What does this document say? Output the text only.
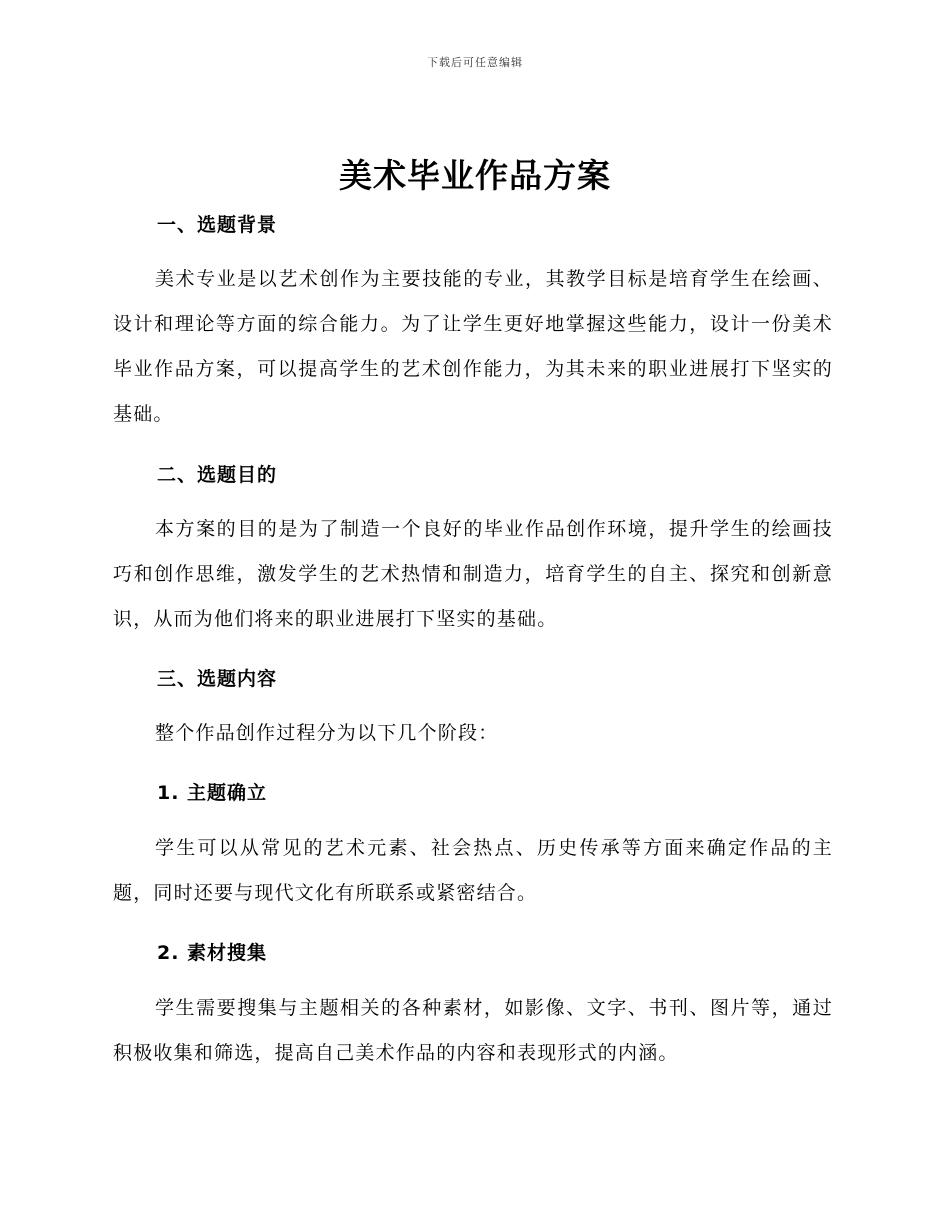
下载后可任意编辑
美术毕业作品方案
一、选题背景
美术专业是以艺术创作为主要技能的专业，其教学目标是培育学生在绘画、设计和理论等方面的综合能力。为了让学生更好地掌握这些能力，设计一份美术毕业作品方案，可以提高学生的艺术创作能力，为其未来的职业进展打下坚实的基础。
二、选题目的
本方案的目的是为了制造一个良好的毕业作品创作环境，提升学生的绘画技巧和创作思维，激发学生的艺术热情和制造力，培育学生的自主、探究和创新意识，从而为他们将来的职业进展打下坚实的基础。
三、选题内容
整个作品创作过程分为以下几个阶段：
1. 主题确立
学生可以从常见的艺术元素、社会热点、历史传承等方面来确定作品的主题，同时还要与现代文化有所联系或紧密结合。
2. 素材搜集
学生需要搜集与主题相关的各种素材，如影像、文字、书刊、图片等，通过积极收集和筛选，提高自己美术作品的内容和表现形式的内涵。
